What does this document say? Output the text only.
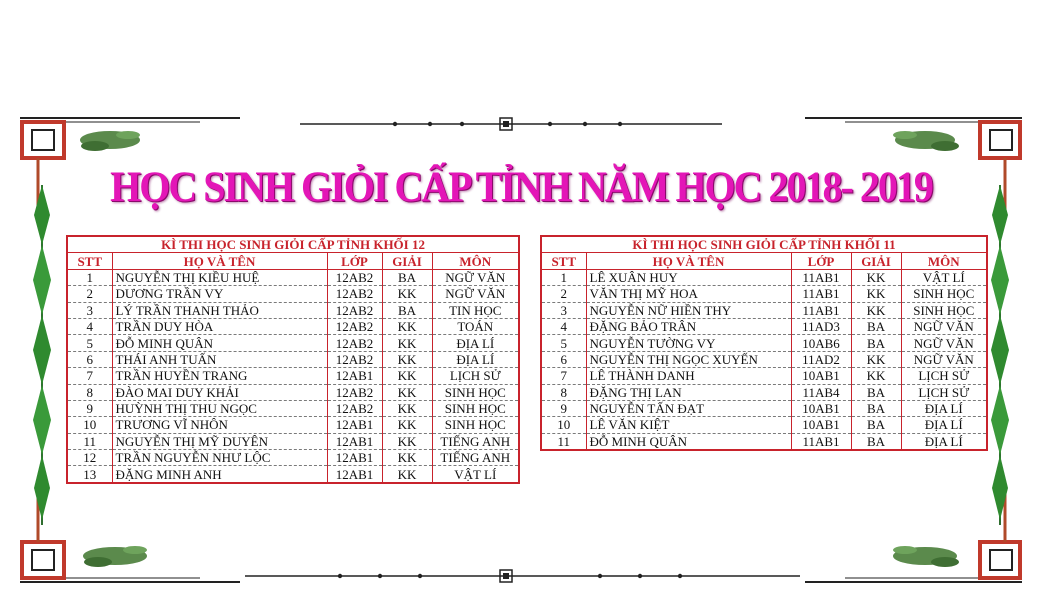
HỌC SINH GIỎI CẤP TỈNH NĂM HỌC 2018- 2019
KÌ THI HỌC SINH GIỎI CẤP TỈNH KHỐI 12				
STT	HỌ VÀ TÊN	LỚP	GIẢI	MÔN
1	NGUYỄN THỊ KIỀU HUỆ	12AB2	BA	NGỮ VĂN
2	DƯƠNG TRẦN VY	12AB2	KK	NGỮ VĂN
3	LÝ TRẦN THANH THẢO	12AB2	BA	TIN HỌC
4	TRẦN DUY HÒA	12AB2	KK	TOÁN
5	ĐỖ MINH QUÂN	12AB2	KK	ĐỊA LÍ
6	THÁI ANH TUẤN	12AB2	KK	ĐỊA LÍ
7	TRẦN HUYỀN TRANG	12AB1	KK	LỊCH SỬ
8	ĐÀO MAI DUY KHẢI	12AB2	KK	SINH HỌC
9	HUỲNH THỊ THU NGỌC	12AB2	KK	SINH HỌC
10	TRƯƠNG VĨ NHÔN	12AB1	KK	SINH HỌC
11	NGUYỄN THỊ MỸ DUYÊN	12AB1	KK	TIẾNG ANH
12	TRẦN NGUYỄN NHƯ LỘC	12AB1	KK	TIẾNG ANH
13	ĐẶNG MINH ANH	12AB1	KK	VẬT LÍ
KÌ THI HỌC SINH GIỎI CẤP TỈNH KHỐI 11				
STT	HỌ VÀ TÊN	LỚP	GIẢI	MÔN
1	LÊ XUÂN HUY	11AB1	KK	VẬT LÍ
2	VĂN THỊ MỸ HOA	11AB1	KK	SINH HỌC
3	NGUYỄN NỮ HIỀN THY	11AB1	KK	SINH HỌC
4	ĐẶNG BẢO TRÂN	11AD3	BA	NGỮ VĂN
5	NGUYỄN TƯỜNG VY	10AB6	BA	NGỮ VĂN
6	NGUYỄN THỊ NGỌC XUYẾN	11AD2	KK	NGỮ VĂN
7	LÊ THÀNH DANH	10AB1	KK	LỊCH SỬ
8	ĐẶNG THỊ LAN	11AB4	BA	LỊCH SỬ
9	NGUYỄN TẤN ĐẠT	10AB1	BA	ĐỊA LÍ
10	LÊ VĂN KIỆT	10AB1	BA	ĐỊA LÍ
11	ĐỖ MINH QUÂN	11AB1	BA	ĐỊA LÍ
